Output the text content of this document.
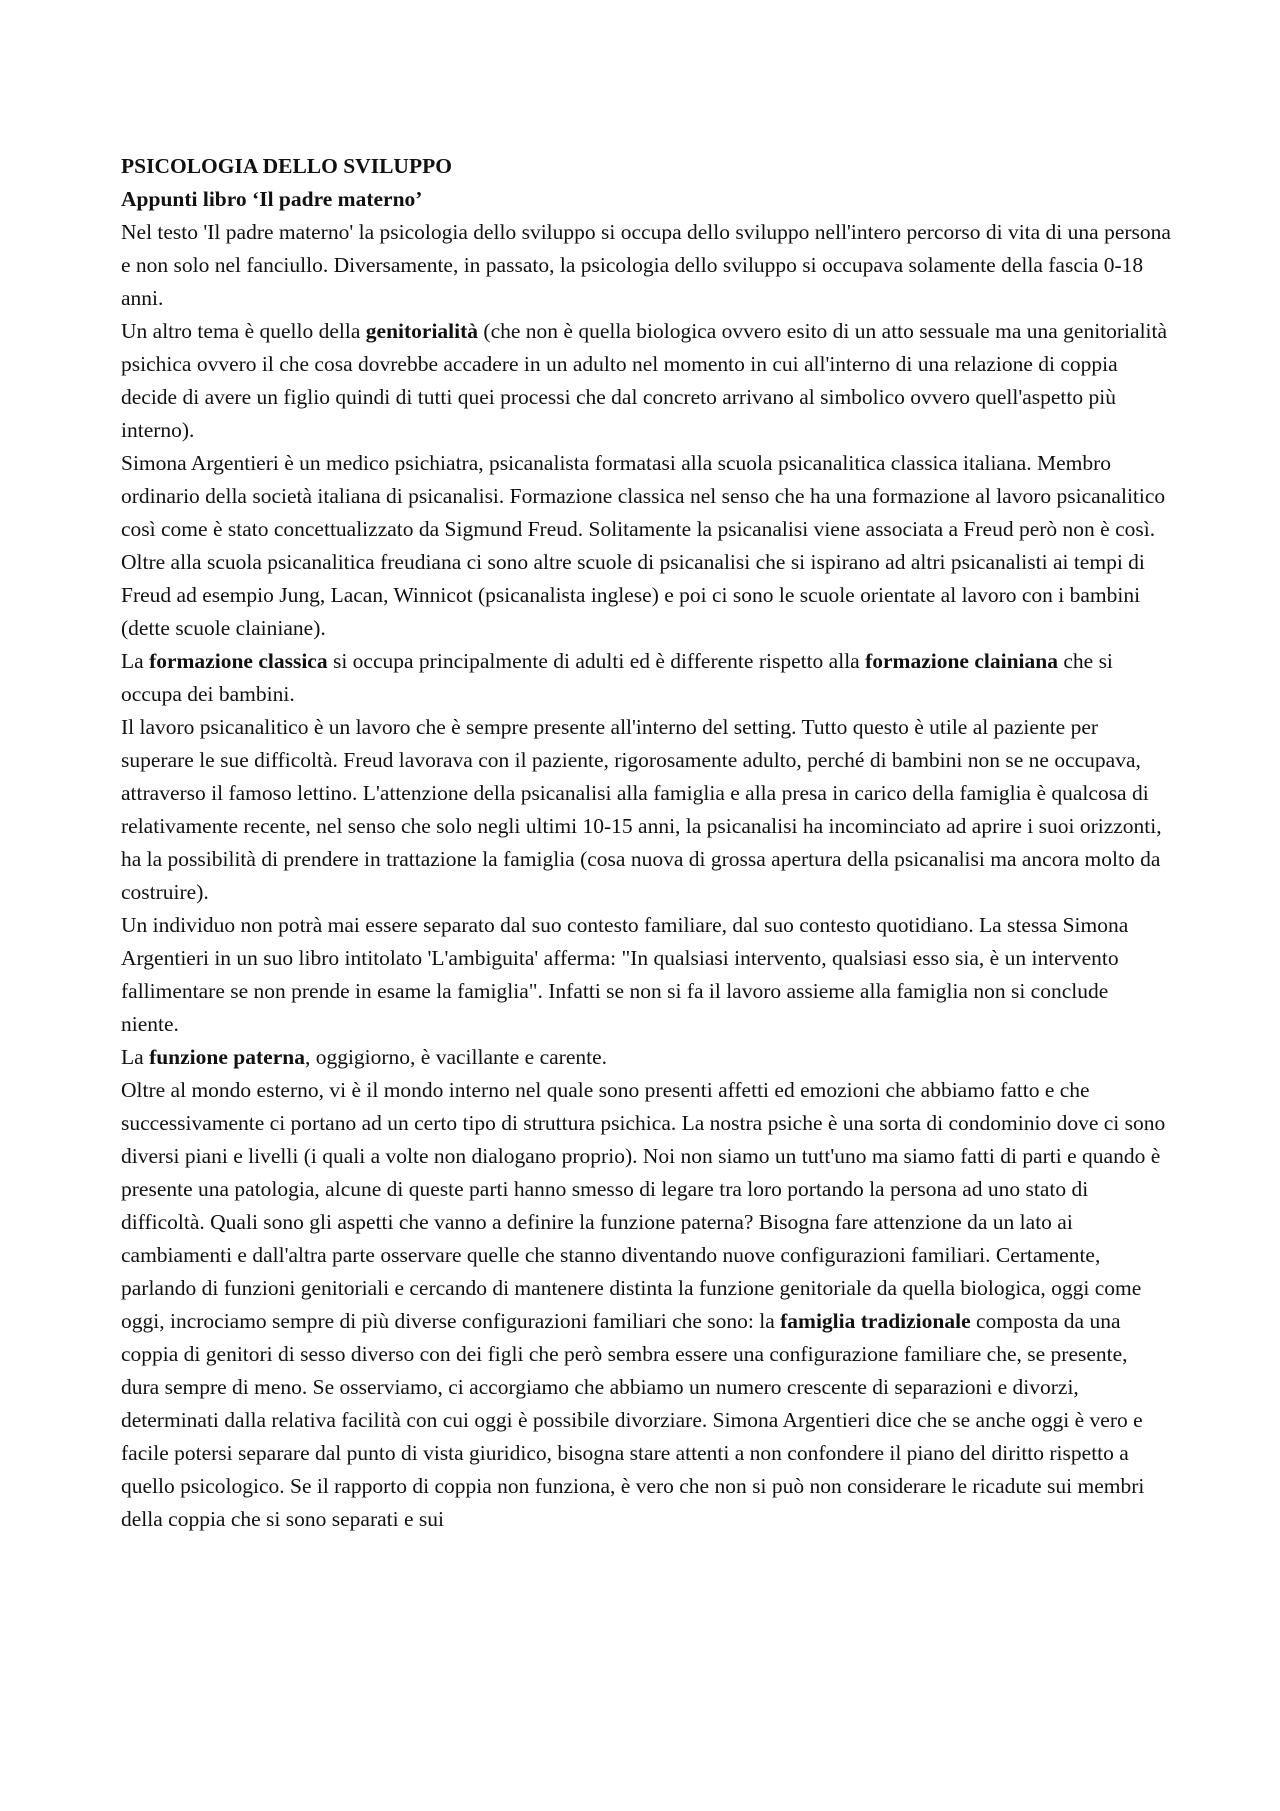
PSICOLOGIA DELLO SVILUPPO
Appunti libro ‘Il padre materno’

Nel testo 'Il padre materno' la psicologia dello sviluppo si occupa dello sviluppo nell'intero percorso di vita di una persona e non solo nel fanciullo. Diversamente, in passato, la psicologia dello sviluppo si occupava solamente della fascia 0-18 anni.

Un altro tema è quello della genitorialità (che non è quella biologica ovvero esito di un atto sessuale ma una genitorialità psichica ovvero il che cosa dovrebbe accadere in un adulto nel momento in cui all'interno di una relazione di coppia decide di avere un figlio quindi di tutti quei processi che dal concreto arrivano al simbolico ovvero quell'aspetto più interno).

Simona Argentieri è un medico psichiatra, psicanalista formatasi alla scuola psicanalitica classica italiana. Membro ordinario della società italiana di psicanalisi. Formazione classica nel senso che ha una formazione al lavoro psicanalitico così come è stato concettualizzato da Sigmund Freud. Solitamente la psicanalisi viene associata a Freud però non è così. Oltre alla scuola psicanalitica freudiana ci sono altre scuole di psicanalisi che si ispirano ad altri psicanalisti ai tempi di Freud ad esempio Jung, Lacan, Winnicot (psicanalista inglese) e poi ci sono le scuole orientate al lavoro con i bambini (dette scuole clainiane).

La formazione classica si occupa principalmente di adulti ed è differente rispetto alla formazione clainiana che si occupa dei bambini.

Il lavoro psicanalitico è un lavoro che è sempre presente all'interno del setting. Tutto questo è utile al paziente per superare le sue difficoltà. Freud lavorava con il paziente, rigorosamente adulto, perché di bambini non se ne occupava, attraverso il famoso lettino. L'attenzione della psicanalisi alla famiglia e alla presa in carico della famiglia è qualcosa di relativamente recente, nel senso che solo negli ultimi 10-15 anni, la psicanalisi ha incominciato ad aprire i suoi orizzonti, ha la possibilità di prendere in trattazione la famiglia (cosa nuova di grossa apertura della psicanalisi ma ancora molto da costruire).

Un individuo non potrà mai essere separato dal suo contesto familiare, dal suo contesto quotidiano. La stessa Simona Argentieri in un suo libro intitolato 'L'ambiguita' afferma: "In qualsiasi intervento, qualsiasi esso sia, è un intervento fallimentare se non prende in esame la famiglia". Infatti se non si fa il lavoro assieme alla famiglia non si conclude niente.

La funzione paterna, oggigiorno, è vacillante e carente.

Oltre al mondo esterno, vi è il mondo interno nel quale sono presenti affetti ed emozioni che abbiamo fatto e che successivamente ci portano ad un certo tipo di struttura psichica. La nostra psiche è una sorta di condominio dove ci sono diversi piani e livelli (i quali a volte non dialogano proprio). Noi non siamo un tutt'uno ma siamo fatti di parti e quando è presente una patologia, alcune di queste parti hanno smesso di legare tra loro portando la persona ad uno stato di difficoltà. Quali sono gli aspetti che vanno a definire la funzione paterna? Bisogna fare attenzione da un lato ai cambiamenti e dall'altra parte osservare quelle che stanno diventando nuove configurazioni familiari. Certamente, parlando di funzioni genitoriali e cercando di mantenere distinta la funzione genitoriale da quella biologica, oggi come oggi, incrociamo sempre di più diverse configurazioni familiari che sono: la famiglia tradizionale composta da una coppia di genitori di sesso diverso con dei figli che però sembra essere una configurazione familiare che, se presente, dura sempre di meno. Se osserviamo, ci accorgiamo che abbiamo un numero crescente di separazioni e divorzi, determinati dalla relativa facilità con cui oggi è possibile divorziare. Simona Argentieri dice che se anche oggi è vero e facile potersi separare dal punto di vista giuridico, bisogna stare attenti a non confondere il piano del diritto rispetto a quello psicologico. Se il rapporto di coppia non funziona, è vero che non si può non considerare le ricadute sui membri della coppia che si sono separati e sui
